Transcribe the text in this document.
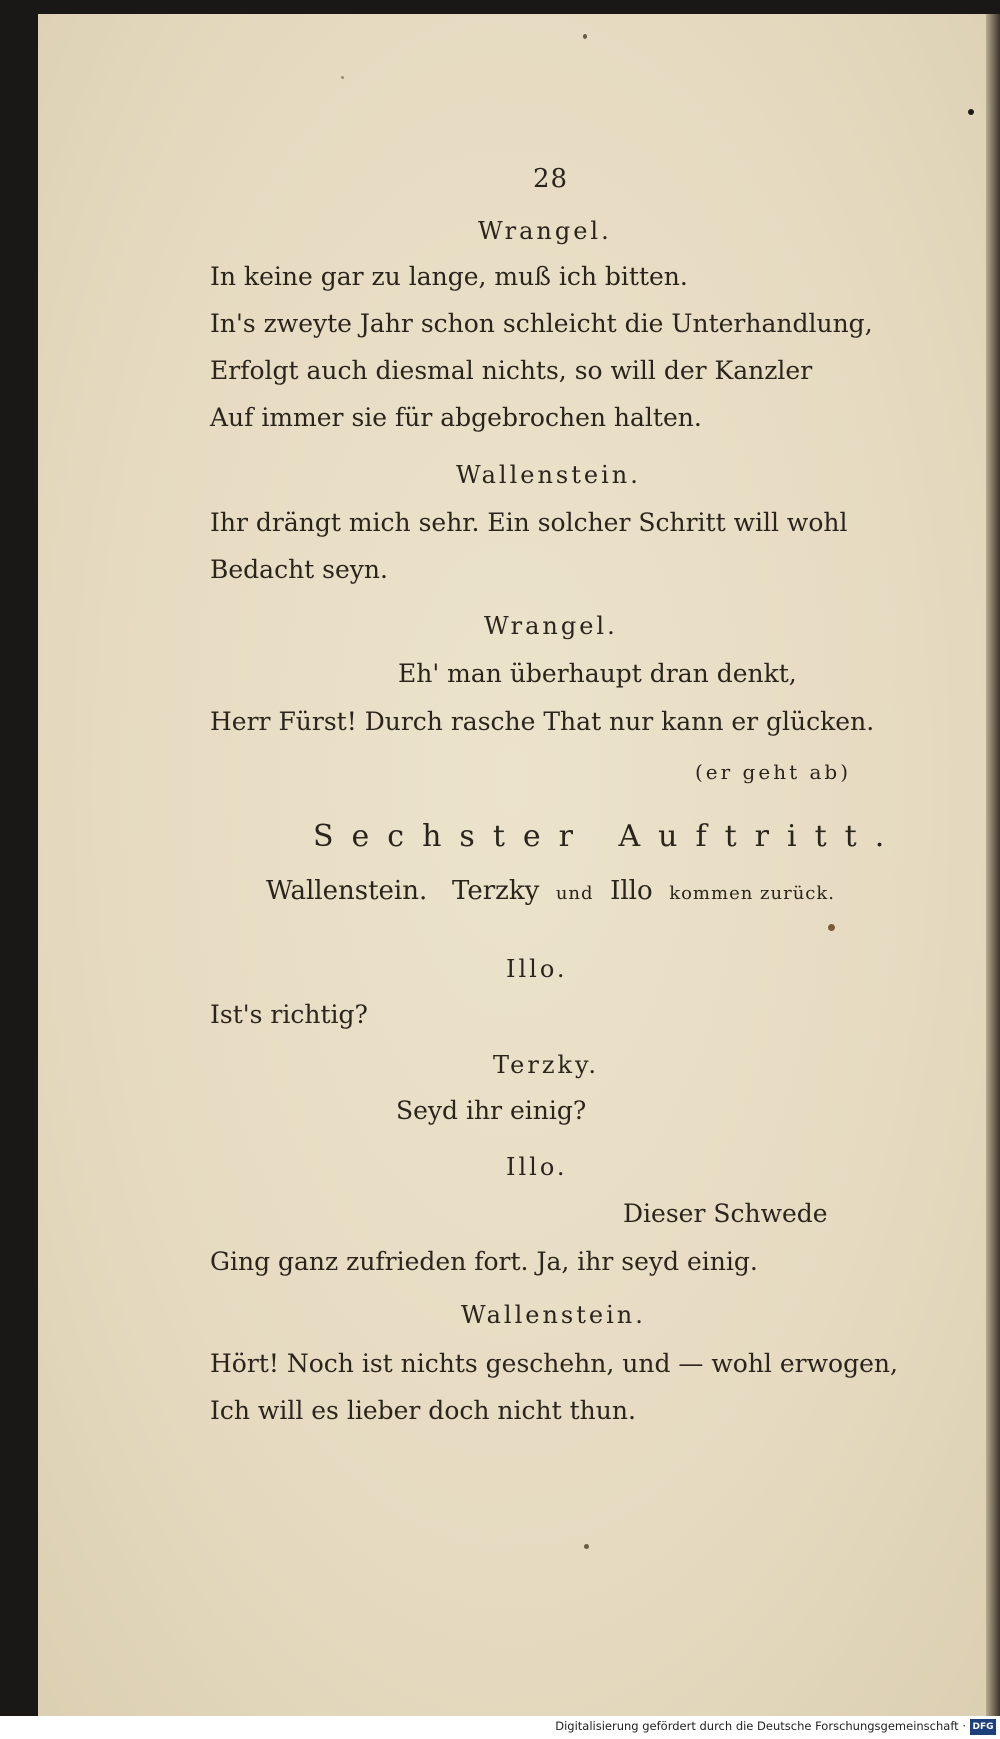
28
Wrangel.
In keine gar zu lange, muß ich bitten.
In's zweyte Jahr schon schleicht die Unterhandlung,
Erfolgt auch diesmal nichts, so will der Kanzler
Auf immer sie für abgebrochen halten.
Wallenstein.
Ihr drängt mich sehr. Ein solcher Schritt will wohl
Bedacht seyn.
Wrangel.
Eh' man überhaupt dran denkt,
Herr Fürst! Durch rasche That nur kann er glücken.
(er geht ab)
Sechster Auftritt.
Wallenstein. Terzky und Illo kommen zurück.
Illo.
Ist's richtig?
Terzky.
Seyd ihr einig?
Illo.
Dieser Schwede
Ging ganz zufrieden fort. Ja, ihr seyd einig.
Wallenstein.
Hört! Noch ist nichts geschehn, und — wohl erwogen,
Ich will es lieber doch nicht thun.
Digitalisierung gefördert durch die Deutsche Forschungsgemeinschaft · DFG
